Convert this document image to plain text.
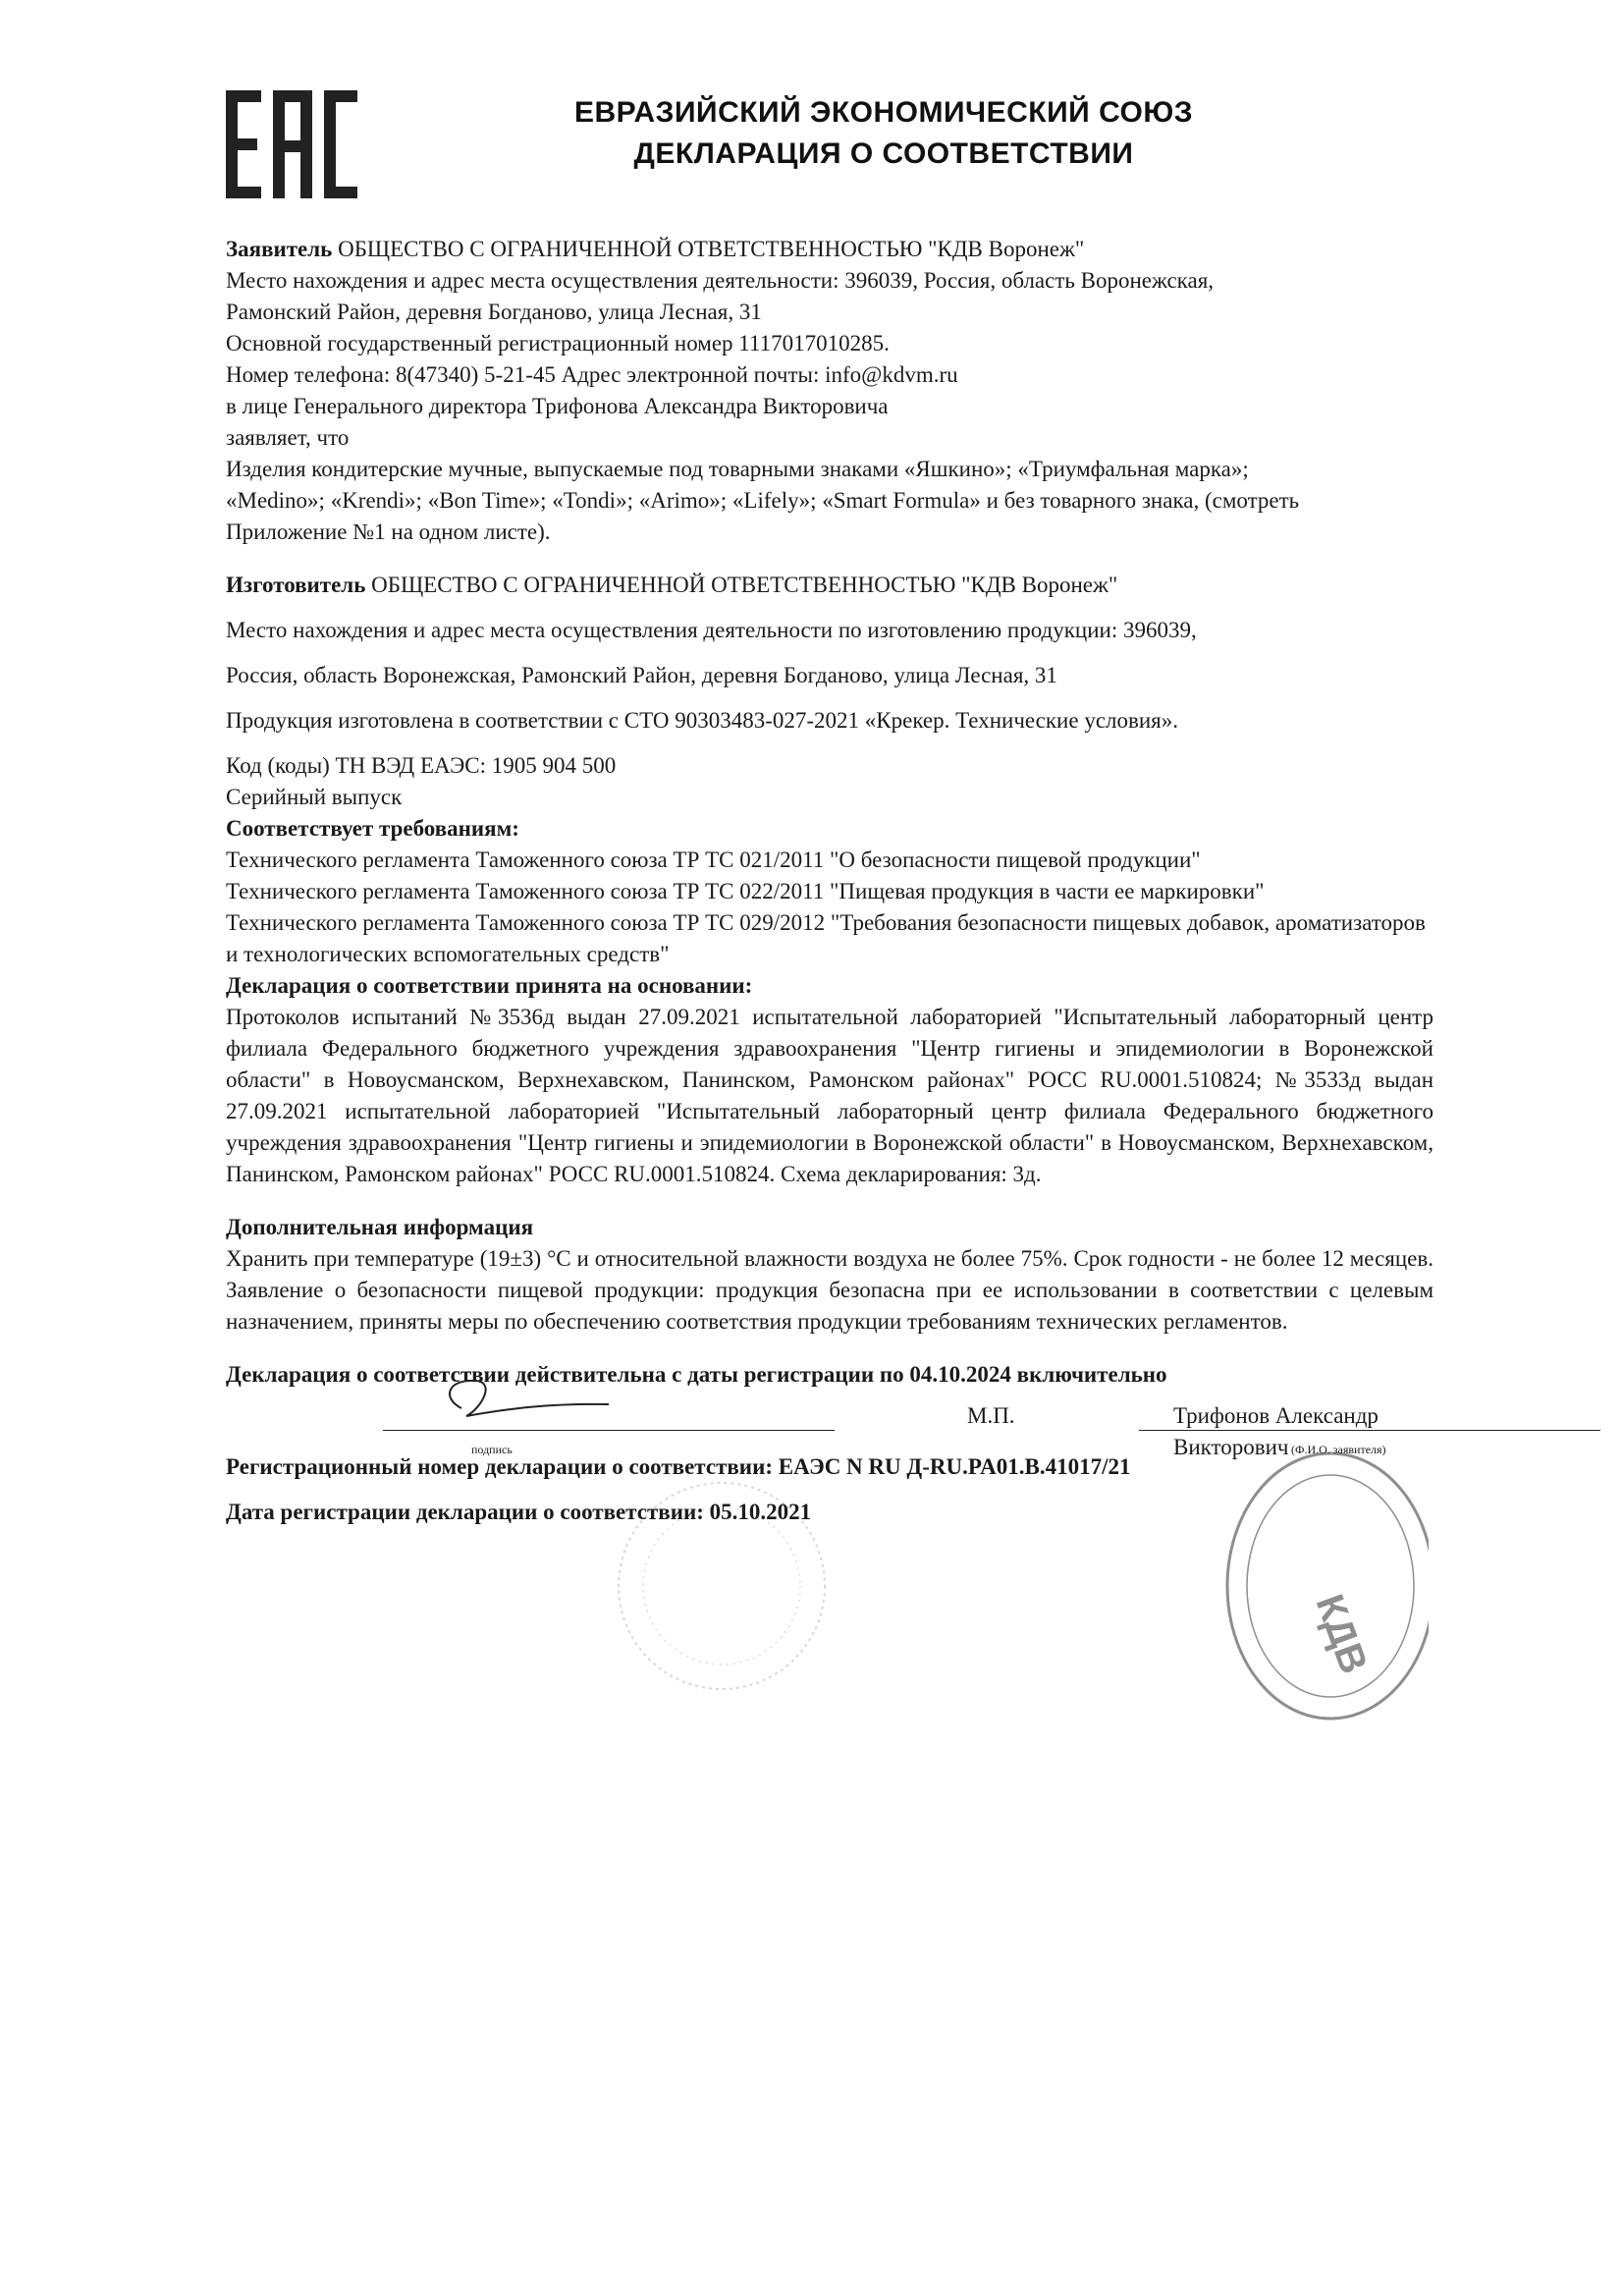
ЕВРАЗИЙСКИЙ ЭКОНОМИЧЕСКИЙ СОЮЗ
ДЕКЛАРАЦИЯ О СООТВЕТСТВИИ

Заявитель ОБЩЕСТВО С ОГРАНИЧЕННОЙ ОТВЕТСТВЕННОСТЬЮ "КДВ Воронеж"

Место нахождения и адрес места осуществления деятельности: 396039, Россия, область Воронежская,

Рамонский Район, деревня Богданово, улица Лесная, 31

Основной государственный регистрационный номер 1117017010285.

Номер телефона: 8(47340) 5-21-45 Адрес электронной почты: info@kdvm.ru

в лице Генерального директора Трифонова Александра Викторовича

заявляет, что

Изделия кондитерские мучные, выпускаемые под товарными знаками «Яшкино»; «Триумфальная марка»;

«Medino»; «Krendi»; «Bon Time»; «Tondi»; «Arimo»; «Lifely»; «Smart Formula» и без товарного знака, (смотреть

Приложение №1 на одном листе).

Изготовитель ОБЩЕСТВО С ОГРАНИЧЕННОЙ ОТВЕТСТВЕННОСТЬЮ "КДВ Воронеж"

Место нахождения и адрес места осуществления деятельности по изготовлению продукции: 396039,

Россия, область Воронежская, Рамонский Район, деревня Богданово, улица Лесная, 31

Продукция изготовлена в соответствии с СТО 90303483-027-2021 «Крекер. Технические условия».

Код (коды) ТН ВЭД ЕАЭС: 1905 904 500

Серийный выпуск

Соответствует требованиям:

Технического регламента Таможенного союза ТР ТС 021/2011 "О безопасности пищевой продукции"

Технического регламента Таможенного союза ТР ТС 022/2011 "Пищевая продукция в части ее маркировки"

Технического регламента Таможенного союза ТР ТС 029/2012 "Требования безопасности пищевых добавок, ароматизаторов и технологических вспомогательных средств"

Декларация о соответствии принята на основании:

Протоколов испытаний №3536д выдан 27.09.2021 испытательной лабораторией "Испытательный лабораторный центр филиала Федерального бюджетного учреждения здравоохранения "Центр гигиены и эпидемиологии в Воронежской области" в Новоусманском, Верхнехавском, Панинском, Рамонском районах" РОСС RU.0001.510824; №3533д выдан 27.09.2021 испытательной лабораторией "Испытательный лабораторный центр филиала Федерального бюджетного учреждения здравоохранения "Центр гигиены и эпидемиологии в Воронежской области" в Новоусманском, Верхнехавском, Панинском, Рамонском районах" РОСС RU.0001.510824. Схема декларирования: 3д.

Дополнительная информация

Хранить при температуре (19±3) °С и относительной влажности воздуха не более 75%. Срок годности - не более 12 месяцев. Заявление о безопасности пищевой продукции: продукция безопасна при ее использовании в соответствии с целевым назначением, приняты меры по обеспечению соответствия продукции требованиям технических регламентов.

Декларация о соответствии действительна с даты регистрации по 04.10.2024 включительно

подпись
М.П.	Трифонов Александр Викторович (Ф.И.О. заявителя)

Регистрационный номер декларации о соответствии: ЕАЭС N RU Д-RU.PA01.B.41017/21

Дата регистрации декларации о соответствии: 05.10.2021

КДВ
